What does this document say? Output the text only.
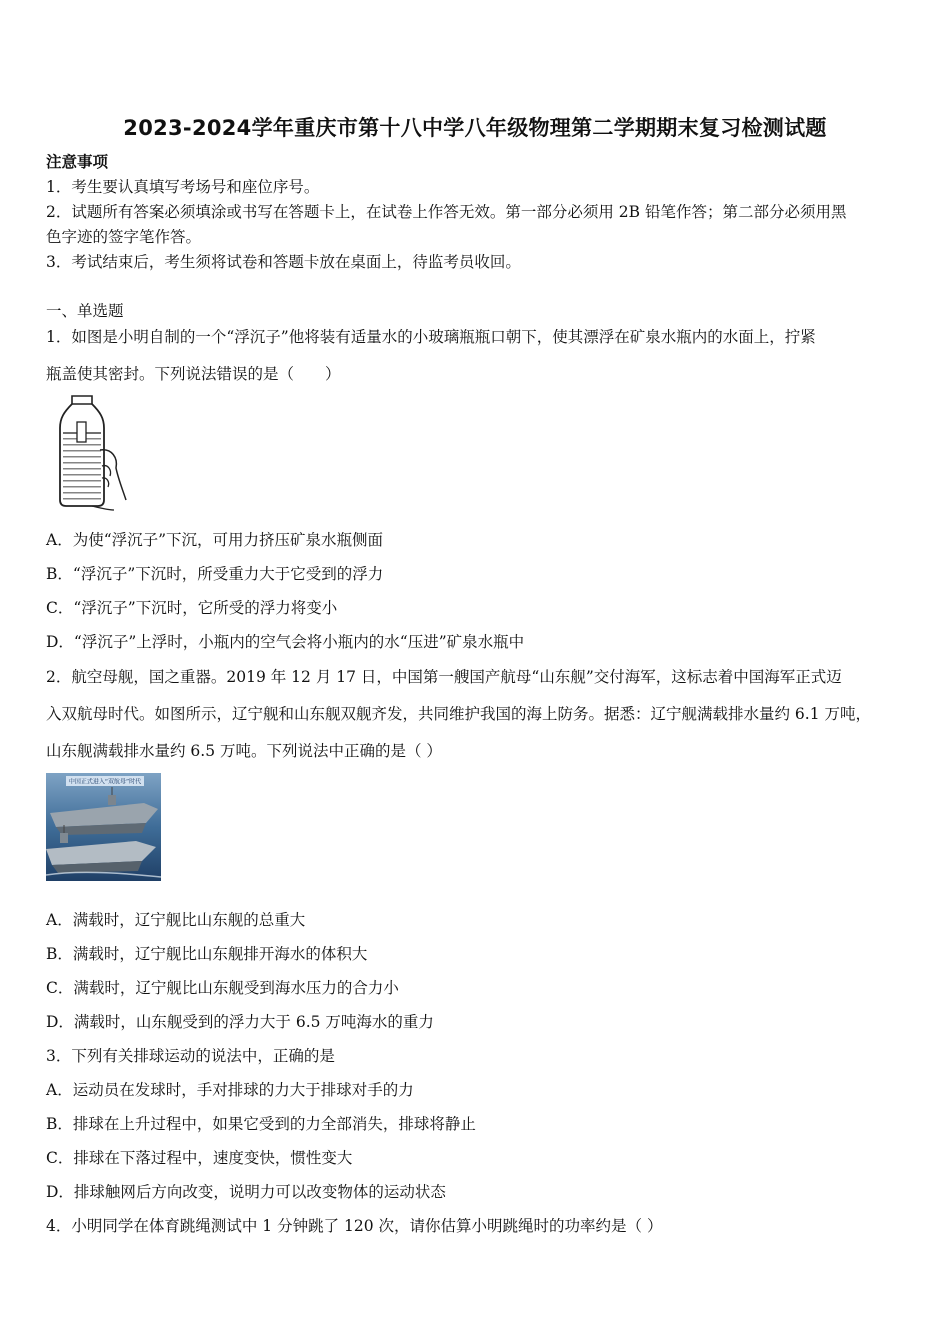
2023-2024学年重庆市第十八中学八年级物理第二学期期末复习检测试题
注意事项
1．考生要认真填写考场号和座位序号。
2．试题所有答案必须填涂或书写在答题卡上，在试卷上作答无效。第一部分必须用 2B 铅笔作答；第二部分必须用黑
色字迹的签字笔作答。
3．考试结束后，考生须将试卷和答题卡放在桌面上，待监考员收回。
一、单选题
1．如图是小明自制的一个“浮沉子”他将装有适量水的小玻璃瓶瓶口朝下，使其漂浮在矿泉水瓶内的水面上，拧紧
瓶盖使其密封。下列说法错误的是（　　）
A．为使“浮沉子”下沉，可用力挤压矿泉水瓶侧面
B．“浮沉子”下沉时，所受重力大于它受到的浮力
C．“浮沉子”下沉时，它所受的浮力将变小
D．“浮沉子”上浮时，小瓶内的空气会将小瓶内的水“压进”矿泉水瓶中
2．航空母舰，国之重器。2019 年 12 月 17 日，中国第一艘国产航母“山东舰”交付海军，这标志着中国海军正式迈
入双航母时代。如图所示，辽宁舰和山东舰双舰齐发，共同维护我国的海上防务。据悉：辽宁舰满载排水量约 6.1 万吨，
山东舰满载排水量约 6.5 万吨。下列说法中正确的是（ ）
中国正式进入“双航母”时代
A．满载时，辽宁舰比山东舰的总重大
B．满载时，辽宁舰比山东舰排开海水的体积大
C．满载时，辽宁舰比山东舰受到海水压力的合力小
D．满载时，山东舰受到的浮力大于 6.5 万吨海水的重力
3．下列有关排球运动的说法中，正确的是
A．运动员在发球时，手对排球的力大于排球对手的力
B．排球在上升过程中，如果它受到的力全部消失，排球将静止
C．排球在下落过程中，速度变快，惯性变大
D．排球触网后方向改变，说明力可以改变物体的运动状态
4．小明同学在体育跳绳测试中 1 分钟跳了 120 次，请你估算小明跳绳时的功率约是（ ）
